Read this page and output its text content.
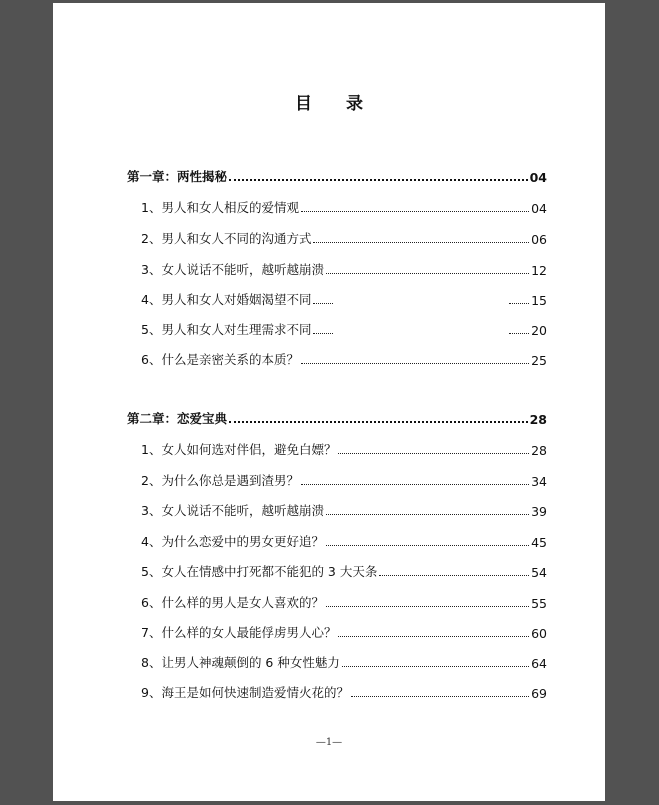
目 录
第一章：两性揭秘	04
1、男人和女人相反的爱情观	04
2、男人和女人不同的沟通方式	06
3、女人说话不能听，越听越崩溃	12
4、男人和女人对婚姻渴望不同	15
5、男人和女人对生理需求不同	20
6、什么是亲密关系的本质？	25
第二章：恋爱宝典	28
1、女人如何选对伴侣，避免白嫖？	28
2、为什么你总是遇到渣男？	34
3、女人说话不能听，越听越崩溃	39
4、为什么恋爱中的男女更好追？	45
5、女人在情感中打死都不能犯的 3 大天条	54
6、什么样的男人是女人喜欢的？	55
7、什么样的女人最能俘虏男人心？	60
8、让男人神魂颠倒的 6 种女性魅力	64
9、海王是如何快速制造爱情火花的？	69
—1—
